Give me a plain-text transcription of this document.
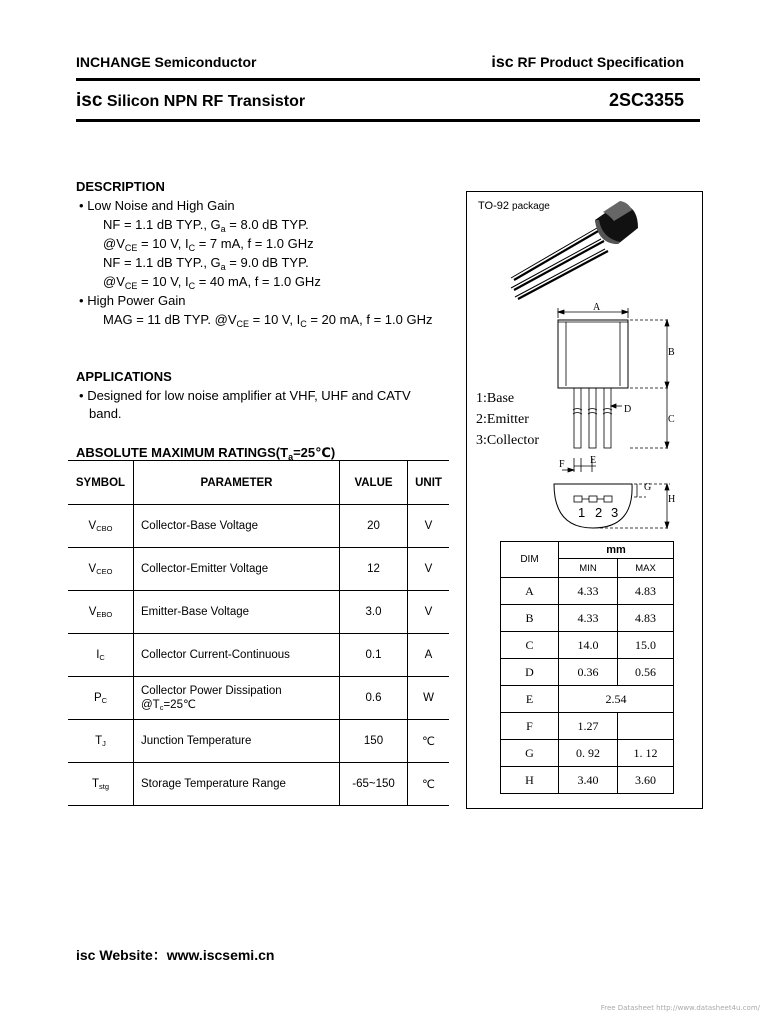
INCHANGE Semiconductor	isc RF Product Specification
isc Silicon NPN RF Transistor	2SC3355
DESCRIPTION
• Low Noise and High Gain
NF = 1.1 dB TYP., $G_a = 8.0$ dB TYP.
$@V_{CE} = 10$ V, $I_C = 7$ mA, f = 1.0 GHz
NF = 1.1 dB TYP., $G_a = 9.0$ dB TYP.
$@V_{CE} = 10$ V, $I_C = 40$ mA, f = 1.0 GHz
• High Power Gain
MAG = 11 dB TYP. $@V_{CE} = 10$ V, $I_C = 20$ mA, f = 1.0 GHz
APPLICATIONS
• Designed for low noise amplifier at VHF, UHF and CATV
band.
ABSOLUTE MAXIMUM $RATINGS(T_a=25℃)$
SYMBOL	PARAMETER	VALUE	UNIT
$V_{CBO}$	Collector-Base Voltage	20	V
$V_{CEO}$	Collector-Emitter Voltage	12	V
$V_{EBO}$	Emitter-Base Voltage	3.0	V
$I_C$	Collector Current-Continuous	0.1	A
$P_C$	Collector Power Dissipation
$@T_c=25℃$	0.6	W
$T_J$	Junction Temperature	150	℃
$T_{stg}$	Storage Temperature Range	-65~150	℃
TO-92 package
A
B
C
D
E
F
G
H
1:Base
2:Emitter
3:Collector
1 2 3
DIM	mm	
	MIN	MAX
A	4.33	4.83
B	4.33	4.83
C	14.0	15.0
D	0.36	0.56
E	2.54	
F	1.27	
G	0. 92	1. 12
H	3.40	3.60
isc Website：www.iscsemi.cn
Free Datasheet http://www.datasheet4u.com/
